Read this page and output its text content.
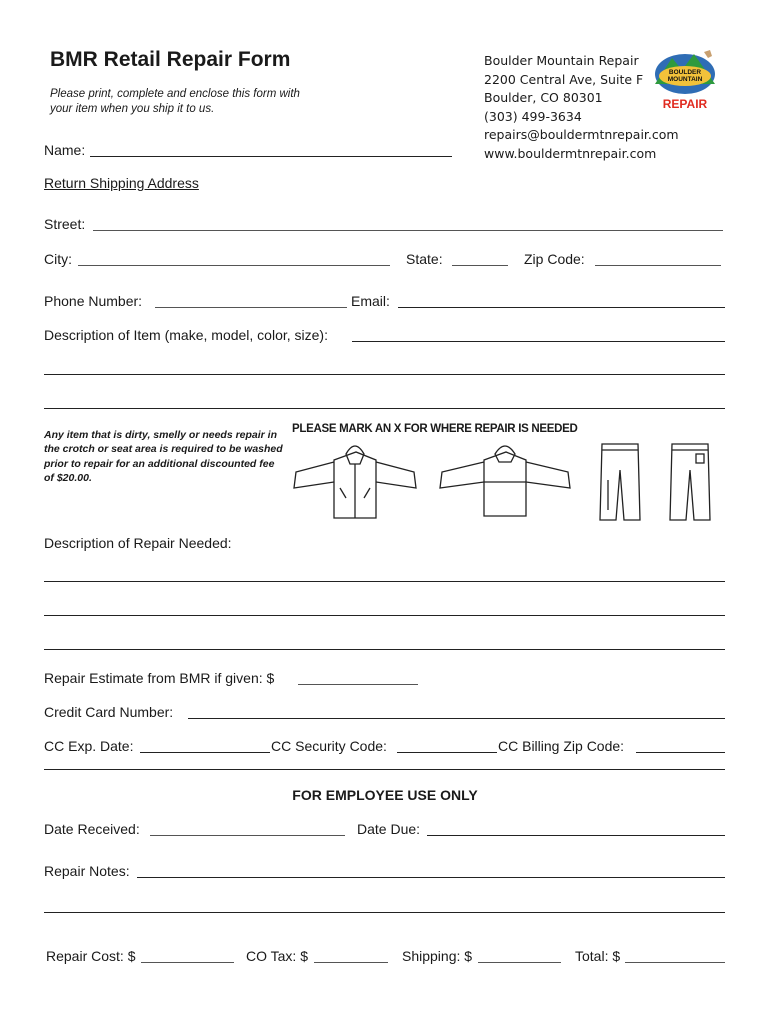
BMR Retail Repair Form
Please print, complete and enclose this form with your item when you ship it to us.
Boulder Mountain Repair
2200 Central Ave, Suite F
Boulder, CO 80301
(303) 499-3634
repairs@bouldermtnrepair.com
www.bouldermtnrepair.com
BOULDER
MOUNTAIN
REPAIR
Name:
Return Shipping Address
Street:
City:	State:	Zip Code:
Phone Number:	Email:
Description of Item (make, model, color, size):
Any item that is dirty, smelly or needs repair in the crotch or seat area is required to be washed prior to repair for an additional discounted fee of $20.00.
PLEASE MARK AN X FOR WHERE REPAIR IS NEEDED
Description of Repair Needed:
Repair Estimate from BMR if given: $
Credit Card Number:
CC Exp. Date:	CC Security Code:	CC Billing Zip Code:
FOR EMPLOYEE USE ONLY
Date Received:	Date Due:
Repair Notes:
Repair Cost: $	CO Tax: $	Shipping: $	Total: $
